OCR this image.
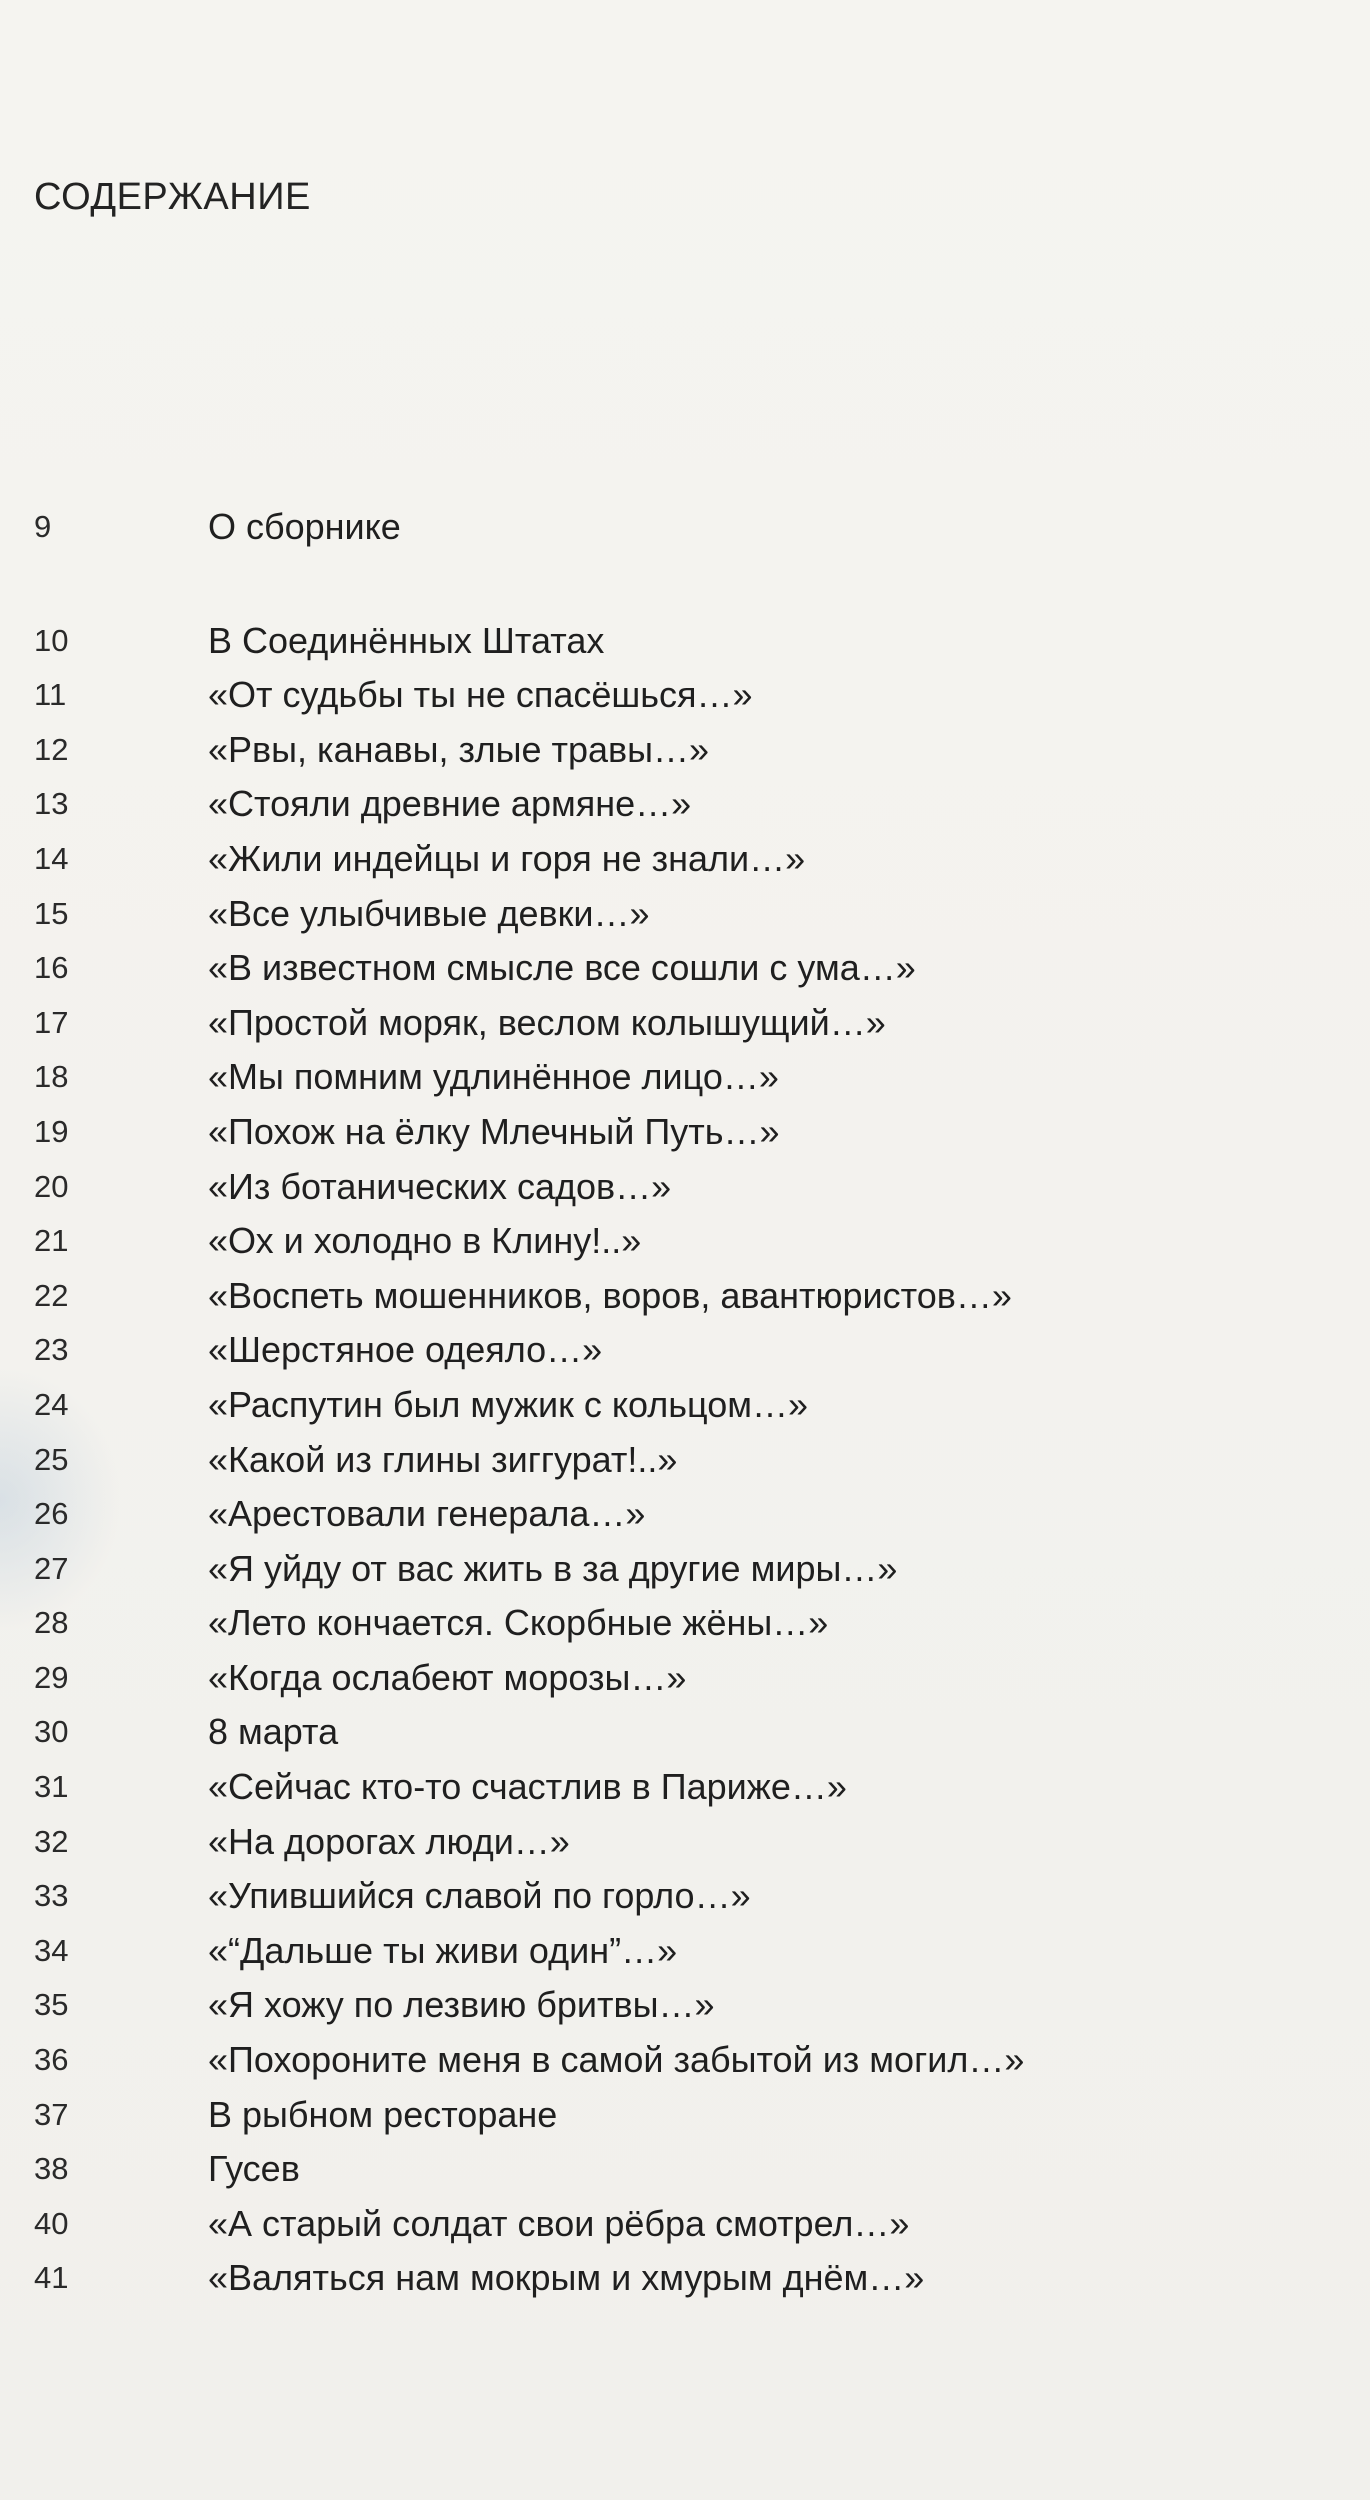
СОДЕРЖАНИЕ
9	О сборнике
10	В Соединённых Штатах
11	«От судьбы ты не спасёшься…»
12	«Рвы, канавы, злые травы…»
13	«Стояли древние армяне…»
14	«Жили индейцы и горя не знали…»
15	«Все улыбчивые девки…»
16	«В известном смысле все сошли с ума…»
17	«Простой моряк, веслом колышущий…»
18	«Мы помним удлинённое лицо…»
19	«Похож на ёлку Млечный Путь…»
20	«Из ботанических садов…»
21	«Ох и холодно в Клину!..»
22	«Воспеть мошенников, воров, авантюристов…»
23	«Шерстяное одеяло…»
24	«Распутин был мужик с кольцом…»
25	«Какой из глины зиггурат!..»
26	«Арестовали генерала…»
27	«Я уйду от вас жить в за другие миры…»
28	«Лето кончается. Скорбные жёны…»
29	«Когда ослабеют морозы…»
30	8 марта
31	«Сейчас кто-то счастлив в Париже…»
32	«На дорогах люди…»
33	«Упившийся славой по горло…»
34	«“Дальше ты живи один”…»
35	«Я хожу по лезвию бритвы…»
36	«Похороните меня в самой забытой из могил…»
37	В рыбном ресторане
38	Гусев
40	«А старый солдат свои рёбра смотрел…»
41	«Валяться нам мокрым и хмурым днём…»
